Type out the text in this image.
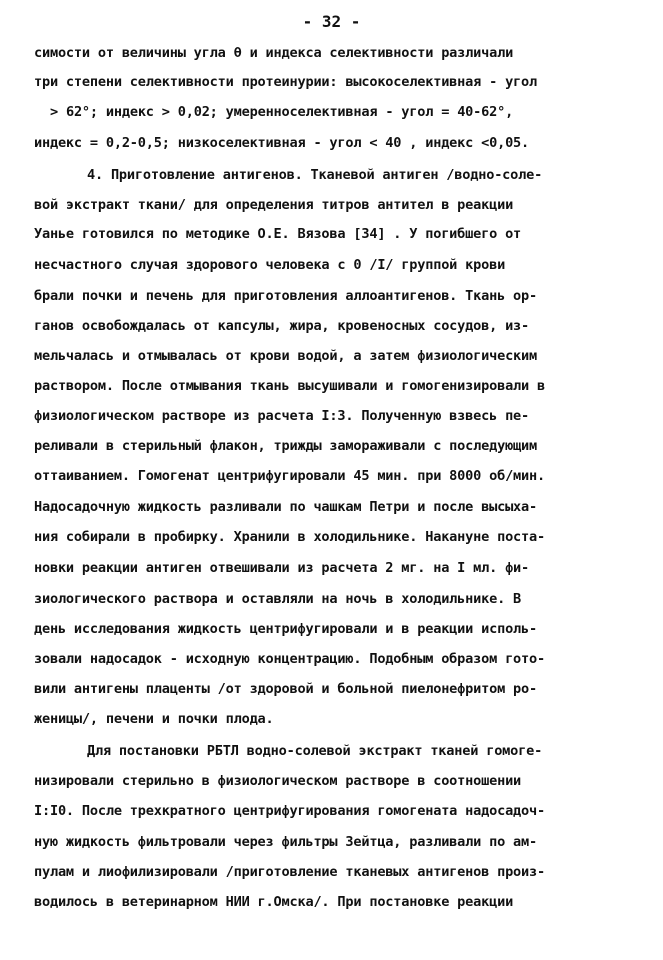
- 32 -
симости от величины угла θ и индекса селективности различали
три степени селективности протеинурии: высокоселективная - угол
> 62°; индекс > 0,02; умеренноселективная - угол = 40-62°,
индекс = 0,2-0,5; низкоселективная - угол < 40 , индекс <0,05.
4. Приготовление антигенов. Тканевой антиген /водно-соле-
вой экстракт ткани/ для определения титров антител в реакции
Уанье готовился по методике О.Е. Вязова [34] . У погибшего от
несчастного случая здорового человека с 0 /I/ группой крови
брали почки и печень для приготовления аллоантигенов. Ткань ор-
ганов освобождалась от капсулы, жира, кровеносных сосудов, из-
мельчалась и отмывалась от крови водой, а затем физиологическим
раствором. После отмывания ткань высушивали и гомогенизировали в
физиологическом растворе из расчета I:3. Полученную взвесь пе-
реливали в стерильный флакон, трижды замораживали с последующим
оттаиванием. Гомогенат центрифугировали 45 мин. при 8000 об/мин.
Надосадочную жидкость разливали по чашкам Петри и после высыха-
ния собирали в пробирку. Хранили в холодильнике. Накануне поста-
новки реакции антиген отвешивали из расчета 2 мг. на I мл. фи-
зиологического раствора и оставляли на ночь в холодильнике. В
день исследования жидкость центрифугировали и в реакции исполь-
зовали надосадок - исходную концентрацию. Подобным образом гото-
вили антигены плаценты /от здоровой и больной пиелонефритом ро-
женицы/, печени и почки плода.
Для постановки РБТЛ водно-солевой экстракт тканей гомоге-
низировали стерильно в физиологическом растворе в соотношении
I:I0. После трехкратного центрифугирования гомогената надосадоч-
ную жидкость фильтровали через фильтры Зейтца, разливали по ам-
пулам и лиофилизировали /приготовление тканевых антигенов произ-
водилось в ветеринарном НИИ г.Омска/. При постановке реакции
